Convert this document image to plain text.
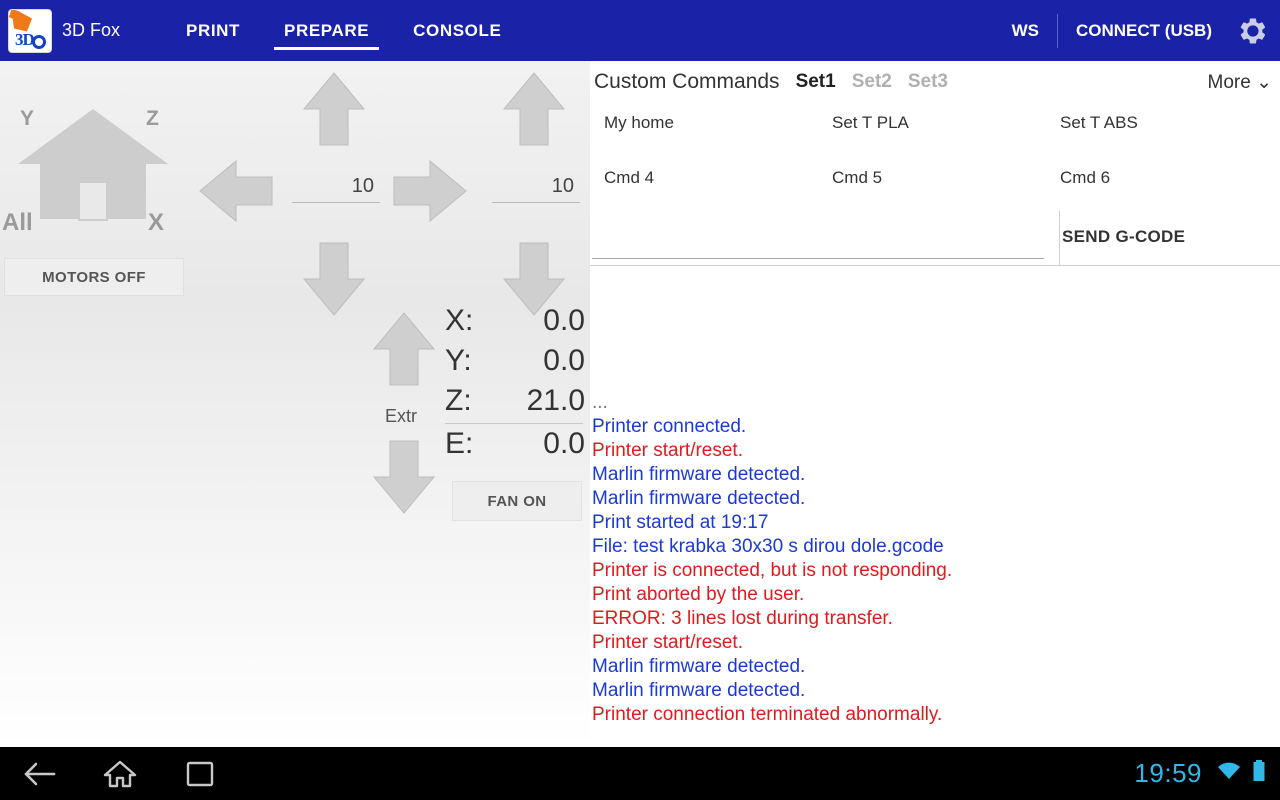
3D 3D Fox	PRINT	PREPARE	CONSOLE	WS	CONNECT (USB)
Y	Z
All	X
MOTORS OFF
10	10
Extr
X: 0.0
Y: 0.0
Z: 21.0
E: 0.0
FAN ON
Custom Commands Set1 Set2 Set3	More ⌄
My home	Set T PLA	Set T ABS
Cmd 4	Cmd 5	Cmd 6
SEND G-CODE
...
Printer connected.
Printer start/reset.
Marlin firmware detected.
Marlin firmware detected.
Print started at 19:17
File: test krabka 30x30 s dirou dole.gcode
Printer is connected, but is not responding.
Print aborted by the user.
ERROR: 3 lines lost during transfer.
Printer start/reset.
Marlin firmware detected.
Marlin firmware detected.
Printer connection terminated abnormally.
19:59
